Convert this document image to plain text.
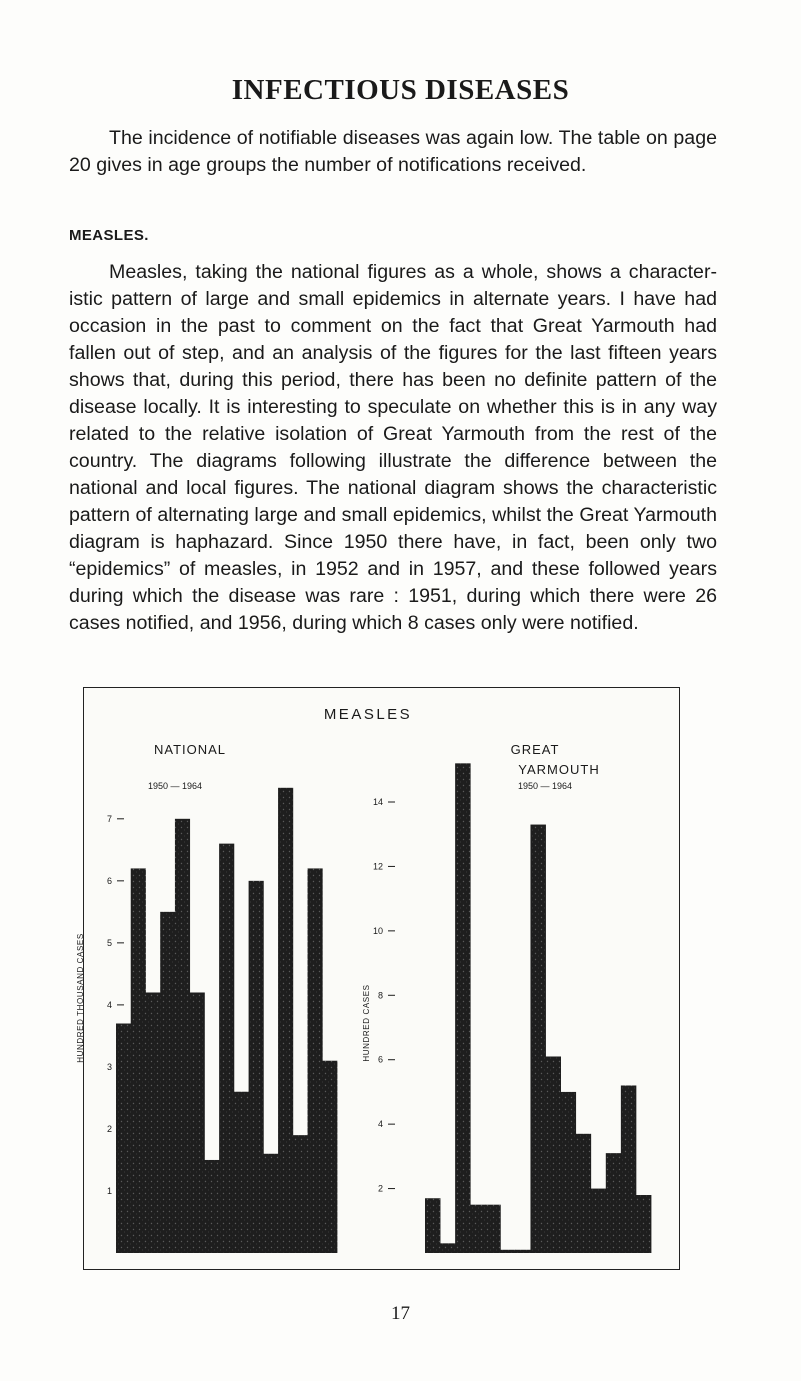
INFECTIOUS DISEASES

The incidence of notifiable diseases was again low. The table on page 20 gives in age groups the number of notifications received.

MEASLES.

Measles, taking the national figures as a whole, shows a characteristic pattern of large and small epidemics in alternate years. I have had occasion in the past to comment on the fact that Great Yarmouth had fallen out of step, and an analysis of the figures for the last fifteen years shows that, during this period, there has been no definite pattern of the disease locally. It is interesting to speculate on whether this is in any way related to the relative isolation of Great Yarmouth from the rest of the country. The diagrams following illustrate the difference between the national and local figures. The national diagram shows the characteristic pattern of alternating large and small epidemics, whilst the Great Yarmouth diagram is haphazard. Since 1950 there have, in fact, been only two “epidemics” of measles, in 1952 and in 1957, and these followed years during which the disease was rare : 1951, during which there were 26 cases notified, and 1956, during which 8 cases only were notified.

MEASLES
NATIONAL
1950 — 1964
GREAT
YARMOUTH
1950 — 1964
1
2
3
4
5
6
7
2
4
6
8
10
12
14
HUNDRED THOUSAND CASES	HUNDRED CASES

17
